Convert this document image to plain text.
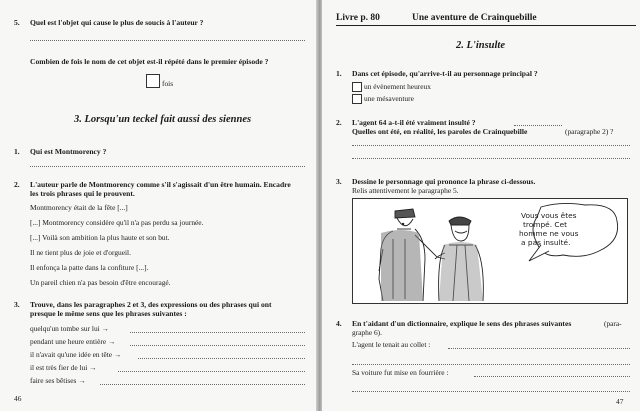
5. Quel est l'objet qui cause le plus de soucis à l'auteur ?
Combien de fois le nom de cet objet est-il répété dans le premier épisode ?
fois
3. Lorsqu'un teckel fait aussi des siennes
1. Qui est Montmorency ?
2. L'auteur parle de Montmorency comme s'il s'agissait d'un être humain. Encadre
les trois phrases qui le prouvent.
Montmorency était de la fête [...]
[...] Montmorency considère qu'il n'a pas perdu sa journée.
[...] Voilà son ambition la plus haute et son but.
Il ne tient plus de joie et d'orgueil.
Il enfonça la patte dans la confiture [...].
Un pareil chien n'a pas besoin d'être encouragé.
3. Trouve, dans les paragraphes 2 et 3, des expressions ou des phrases qui ont
presque le même sens que les phrases suivantes :
quelqu'un tombe sur lui →
pendant une heure entière →
il n'avait qu'une idée en tête →
il est très fier de lui →
faire ses bêtises →
46
Livre p. 80	Une aventure de Crainquebille
2. L'insulte
1. Dans cet épisode, qu'arrive-t-il au personnage principal ?
un évènement heureux
une mésaventure
2. L'agent 64 a-t-il été vraiment insulté ?
Quelles ont été, en réalité, les paroles de Crainquebille	(paragraphe 2) ?
3. Dessine le personnage qui prononce la phrase ci-dessous.
Relis attentivement le paragraphe 5.
Vous vous êtes
trompé. Cet
homme ne vous
a pas insulté.
4. En t'aidant d'un dictionnaire, explique le sens des phrases suivantes	(para-
graphe 6).
L'agent le tenait au collet :
Sa voiture fut mise en fourrière :
47
